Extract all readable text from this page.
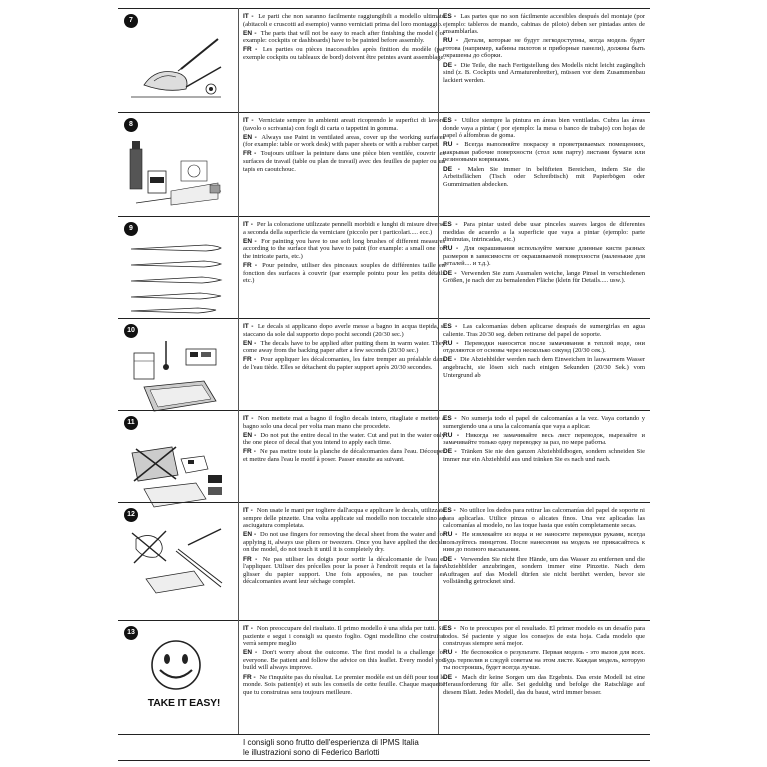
7
IT - Le parti che non saranno facilmente raggiungibili a modello ultimato (abitacoli e cruscotti ad esempio) vanno verniciati prima del loro montaggio.
EN - The parts that will not be easy to reach after finishing the model (for example: cockpits or dashboards) have to be painted before assembly.
FR - Les parties ou pièces inaccessibles après finition du modèle (par exemple cockpits ou tableaux de bord) doivent être peintes avant assemblage.
ES - Las partes que no son fácilmente accesibles después del montaje (por ejemplo: tableros de mando, cabinas de piloto) deben ser pintadas antes de ensamblarlas.
RU - Детали, которые не будут легкодоступны, когда модель будет готова (например, кабины пилотов и приборные панели), должны быть окрашены до сборки.
DE - Die Teile, die nach Fertigstellung des Modells nicht leicht zugänglich sind (z. B. Cockpits und Armaturenbretter), müssen vor dem Zusammenbau lackiert werden.
8
IT - Verniciate sempre in ambienti areati ricoprendo le superfici di lavoro (tavolo o scrivania) con fogli di carta o tappetini in gomma.
EN - Always use Paint in ventilated areas, cover up the working surfaces (for example: table or work desk) with paper sheets or with a rubber carpet.
FR - Toujours utiliser la peinture dans une pièce bien ventilée, couvrir les surfaces de travail (table ou plan de travail) avec des feuilles de papier ou un tapis en caoutchouc.
ES - Utilice siempre la pintura en áreas bien ventiladas. Cubra las áreas donde vaya a pintar ( por ejemplo: la mesa o banco de trabajo) con hojas de papel ó alfombras de goma.
RU - Всегда выполняйте покраску в проветриваемых помещениях, накрывая рабочие поверхности (стол или парту) листами бумаги или резиновыми ковриками.
DE - Malen Sie immer in belüfteten Bereichen, indem Sie die Arbeitsflächen (Tisch oder Schreibtisch) mit Papierbögen oder Gummimatten abdecken.
9
IT - Per la colorazione utilizzate pennelli morbidi e lunghi di misure diverse a seconda della superficie da verniciare (piccolo per i particolari..... ecc.)
EN - For painting you have to use soft long brushes of different measures according to the surface that you have to paint (for example: a small one for the intricate parts, etc.)
FR - Pour peindre, utiliser des pinceaux souples de différentes taille en fonction des surfaces à couvrir (par exemple pointu pour les petits détails etc.)
ES - Para pintar usted debe usar pinceles suaves largos de diferentes medidas de acuerdo a la superficie que vaya a pintar (ejemplo: parte diminutas, intrincadas, etc.)
RU - Для окрашивания используйте мягкие длинные кисти разных размеров в зависимости от окрашиваемой поверхности (маленькие для деталей.... и т.д.).
DE - Verwenden Sie zum Ausmalen weiche, lange Pinsel in verschiedenen Größen, je nach der zu bemalenden Fläche (klein für Details..... usw.).
10
IT - Le decals si applicano dopo averle messe a bagno in acqua tiepida, si staccano da sole dal supporto dopo pochi secondi (20/30 sec.)
EN - The decals have to be applied after putting them in warm water. They come away from the backing paper after a few seconds (20/30 sec.)
FR - Pour appliquer les décalcomanies, les faire tremper au préalable dans de l'eau tiède. Elles se détachent du papier support après 20/30 secondes.
ES - Las calcomanías deben aplicarse después de sumergirlas en agua caliente. Tras 20/30 seg. deben retirarse del papel de soporte.
RU - Переводки наносятся после замачивания в теплой воде, они отделяются от основы через несколько секунд (20/30 сек.).
DE - Die Abziehbilder werden nach dem Einweichen in lauwarmem Wasser angebracht, sie lösen sich nach einigen Sekunden (20/30 Sek.) vom Untergrund ab
11
IT - Non mettete mai a bagno il foglio decals intero, ritagliate e mettete a bagno solo una decal per volta man mano che procedete.
EN - Do not put the entire decal in the water. Cut and put in the water only the one piece of decal that you intend to apply each time.
FR - Ne pas mettre toute la planche de décalcomanies dans l'eau. Découper et mettre dans l'eau le motif à poser. Passer ensuite au suivant.
ES - No sumerja todo el papel de calcomanías a la vez. Vaya cortando y sumergiendo una a una la calcomanía que vaya a aplicar.
RU - Никогда не замачивайте весь лист переводок, вырезайте и замачивайте только одну переводку за раз, по мере работы.
DE - Tränken Sie nie den ganzen Abziehbildbogen, sondern schneiden Sie immer nur ein Abziehbild aus und tränken Sie es nach und nach.
12
IT - Non usate le mani per togliere dall'acqua e applicare le decals, utilizzate sempre delle pinzette. Una volta applicate sul modello non toccatele sino ad asciugatura completata.
EN - Do not use fingers for removing the decal sheet from the water and for applying it, always use pliers or tweezers. Once you have applied the decals on the model, do not touch it until it is completely dry.
FR - Ne pas utiliser les doigts pour sortir la décalcomanie de l'eau et l'appliquer. Utiliser des précelles pour la poser à l'endroit requis et la faire glisser du papier support. Une fois apposées, ne pas toucher les décalcomanies avant leur séchage complet.
ES - No utilice los dedos para retirar las calcomanías del papel de soporte ni para aplicarlas. Utilice pinzas o alicates finos. Una vez aplicadas las calcomanías al modelo, no las toque hasta que estén completamente secas.
RU - Не извлекайте из воды и не наносите переводки руками, всегда пользуйтесь пинцетом. После нанесения на модель не прикасайтесь к ним до полного высыхания.
DE - Verwenden Sie nicht Ihre Hände, um das Wasser zu entfernen und die Abziehbilder anzubringen, sondern immer eine Pinzette. Nach dem Auftragen auf das Modell dürfen sie nicht berührt werden, bevor sie vollständig getrocknet sind.
13
TAKE IT EASY!
IT - Non preoccupare del risultato. Il primo modello è una sfida per tutti. Sii paziente e segui i consigli su questo foglio. Ogni modellino che costruirai verrà sempre meglio
EN - Don't worry about the outcome. The first model is a challenge for everyone. Be patient and follow the advice on this leaflet. Every model you build will always improve.
FR - Ne t'inquiète pas du résultat. Le premier modèle est un défi pour tout le monde. Sois patient(e) et suis les conseils de cette feuille. Chaque maquette que tu construiras sera toujours meilleure.
ES - No te preocupes por el resultado. El primer modelo es un desafío para todos. Sé paciente y sigue los consejos de esta hoja. Cada modelo que construyas siempre será mejor.
RU - Не беспокойся о результате. Первая модель - это вызов для всех. Будь терпелив и следуй советам на этом листе. Каждая модель, которую ты построишь, будет всегда лучше.
DE - Mach dir keine Sorgen um das Ergebnis. Das erste Modell ist eine Herausforderung für alle. Sei geduldig und befolge die Ratschläge auf diesem Blatt. Jedes Modell, das du baust, wird immer besser.
I consigli sono frutto dell'esperienza di IPMS Italia
le illustrazioni sono di Federico Barlotti
